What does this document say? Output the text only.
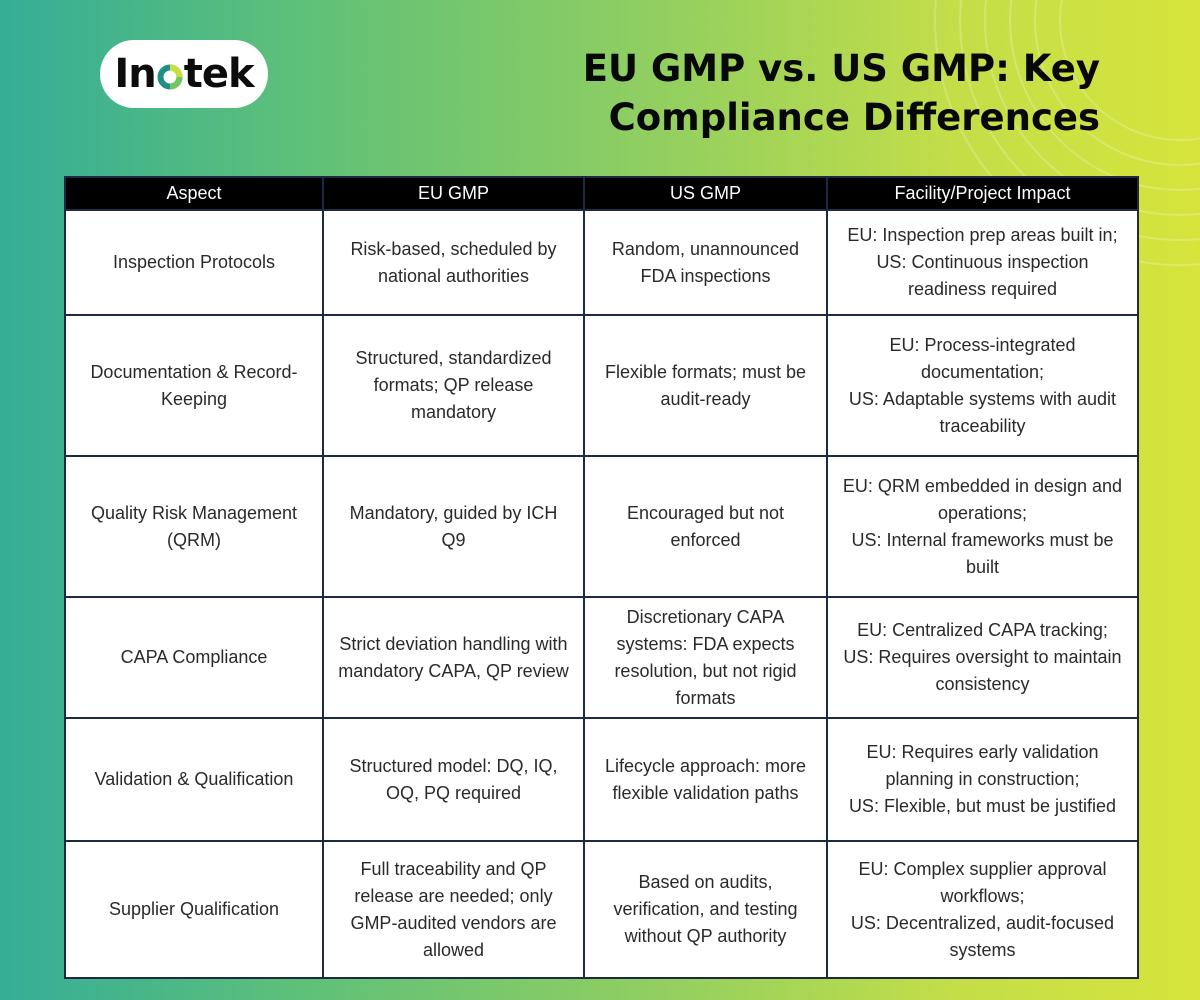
In tek	EU GMP vs. US GMP: Key
Compliance Differences
Aspect	EU GMP	US GMP	Facility/Project Impact
Inspection Protocols	Risk-based, scheduled by national authorities	Random, unannounced FDA inspections	EU: Inspection prep areas built in;
US: Continuous inspection readiness required

Documentation & Record-Keeping	Structured, standardized formats; QP release mandatory	Flexible formats; must be audit-ready	EU: Process-integrated documentation;
US: Adaptable systems with audit traceability

Quality Risk Management (QRM)	Mandatory, guided by ICH Q9	Encouraged but not enforced	EU: QRM embedded in design and operations;
US: Internal frameworks must be built

CAPA Compliance	Strict deviation handling with mandatory CAPA, QP review	Discretionary CAPA systems: FDA expects resolution, but not rigid formats	EU: Centralized CAPA tracking;
US: Requires oversight to maintain consistency

Validation & Qualification	Structured model: DQ, IQ, OQ, PQ required	Lifecycle approach: more flexible validation paths	EU: Requires early validation planning in construction;
US: Flexible, but must be justified

Supplier Qualification	Full traceability and QP release are needed; only GMP-audited vendors are allowed	Based on audits, verification, and testing without QP authority	EU: Complex supplier approval workflows;
US: Decentralized, audit-focused systems
